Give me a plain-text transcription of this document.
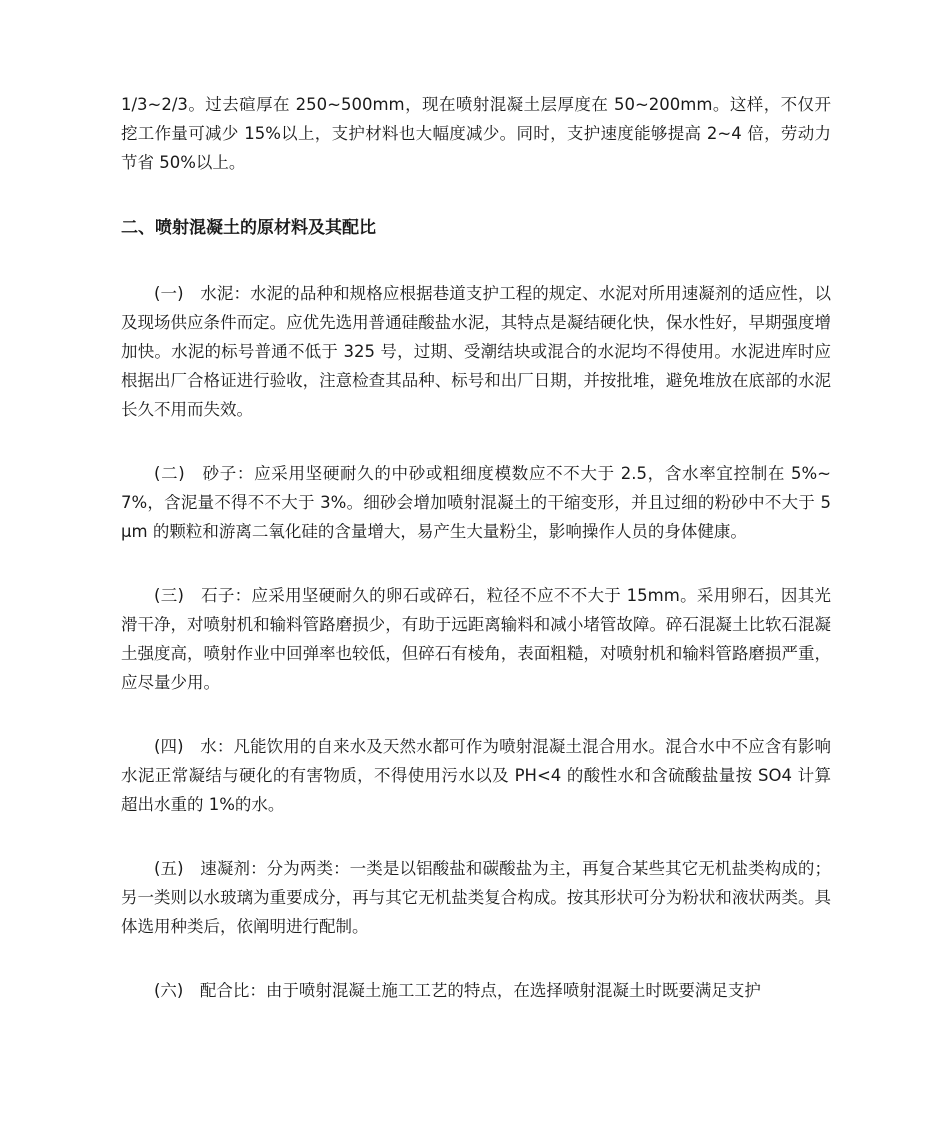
1/3~2/3。过去碹厚在 250~500mm，现在喷射混凝土层厚度在 50~200mm。这样，不仅开挖工作量可减少 15%以上，支护材料也大幅度减少。同时，支护速度能够提高 2~4 倍，劳动力节省 50%以上。

二、喷射混凝土的原材料及其配比

(一)　水泥：水泥的品种和规格应根据巷道支护工程的规定、水泥对所用速凝剂的适应性，以及现场供应条件而定。应优先选用普通硅酸盐水泥，其特点是凝结硬化快，保水性好，早期强度增加快。水泥的标号普通不低于 325 号，过期、受潮结块或混合的水泥均不得使用。水泥进库时应根据出厂合格证进行验收，注意检查其品种、标号和出厂日期，并按批堆，避免堆放在底部的水泥长久不用而失效。

(二)　砂子：应采用坚硬耐久的中砂或粗细度模数应不不大于 2.5，含水率宜控制在 5%~7%，含泥量不得不不大于 3%。细砂会增加喷射混凝土的干缩变形，并且过细的粉砂中不大于 5μm 的颗粒和游离二氧化硅的含量增大，易产生大量粉尘，影响操作人员的身体健康。

(三)　石子：应采用坚硬耐久的卵石或碎石，粒径不应不不大于 15mm。采用卵石，因其光滑干净，对喷射机和输料管路磨损少，有助于远距离输料和减小堵管故障。碎石混凝土比软石混凝土强度高，喷射作业中回弹率也较低，但碎石有棱角，表面粗糙，对喷射机和输料管路磨损严重，应尽量少用。

(四)　水：凡能饮用的自来水及天然水都可作为喷射混凝土混合用水。混合水中不应含有影响水泥正常凝结与硬化的有害物质，不得使用污水以及 PH<4 的酸性水和含硫酸盐量按 SO4 计算超出水重的 1%的水。

(五)　速凝剂：分为两类：一类是以铝酸盐和碳酸盐为主，再复合某些其它无机盐类构成的；另一类则以水玻璃为重要成分，再与其它无机盐类复合构成。按其形状可分为粉状和液状两类。具体选用种类后，依阐明进行配制。

(六)　配合比：由于喷射混凝土施工工艺的特点，在选择喷射混凝土时既要满足支护
